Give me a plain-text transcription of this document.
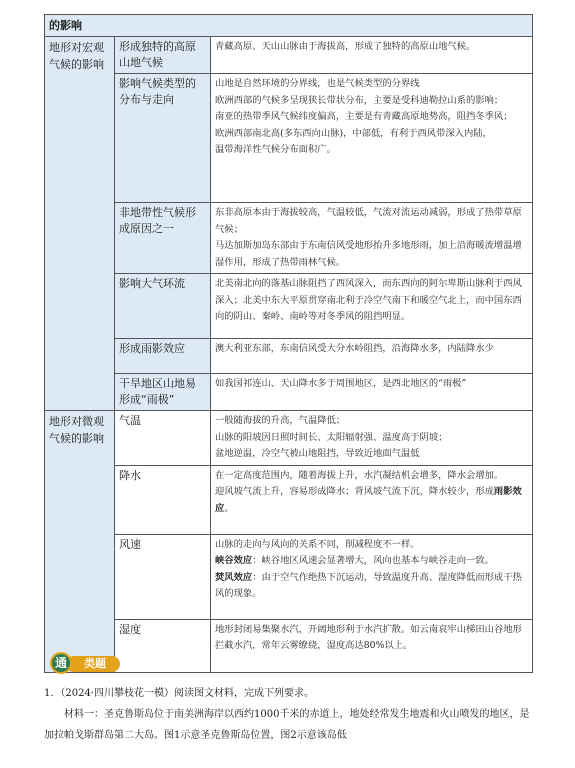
的影响		
地形对宏观气候的影响	形成独特的高原山地气候	青藏高原、天山山脉由于海拔高，形成了独特的高原山地气候。

	影响气候类型的分布与走向	山地是自然环境的分界线，也是气候类型的分界线
欧洲西部的气候多呈现狭长带状分布，主要是受科迪勒拉山系的影响；
南亚的热带季风气候纬度偏高，主要是有青藏高原地势高，阻挡冬季风；
欧洲西部南北高(多东西向山脉)，中部低，有利于西风带深入内陆，
温带海洋性气候分布面积广。

	非地带性气候形成原因之一	东非高原本由于海拔较高，气温较低，气流对流运动减弱，形成了热带草原气候；
马达加斯加岛东部由于东南信风受地形抬升多地形雨，加上沿海暖流增温增湿作用，形成了热带雨林气候。

	影响大气环流	北美南北向的落基山脉阻挡了西风深入，而东西向的阿尔卑斯山脉利于西风深入；北美中东大平原贯穿南北利于冷空气南下和暖空气北上，而中国东西向的阴山、秦岭、南岭等对冬季风的阻挡明显。

	形成雨影效应	澳大利亚东部，东南信风受大分水岭阻挡，沿海降水多，内陆降水少

	干旱地区山地易形成“雨极”	如我国祁连山、天山降水多于周围地区，是西北地区的“雨极”

地形对微观气候的影响	气温	一般随海拔的升高，气温降低；
山脉的阳坡因日照时间长、太阳辐射强、温度高于阴坡；
盆地逆温，冷空气被山地阻挡，导致近地面气温低

	降水	在一定高度范围内，随着海拔上升，水汽凝结机会增多，降水会增加。
迎风坡气流上升，容易形成降水；背风坡气流下沉，降水较少，形成雨影效应。

	风速	山脉的走向与风向的关系不同，削减程度不一样。
峡谷效应：峡谷地区风速会显著增大，风向也基本与峡谷走向一致。
焚风效应：由于空气作绝热下沉运动，导致温度升高、湿度降低而形成干热风的现象。

	湿度	地形封闭易集聚水汽，开阔地形利于水汽扩散。如云南哀牢山梯田山谷地形拦截水汽，常年云雾缭绕，湿度高达80%以上。
类题
通
1．（2024·四川攀枝花一模）阅读图文材料，完成下列要求。
材料一：圣克鲁斯岛位于南美洲海岸以西约1000千米的赤道上，地处经常发生地震和火山喷发的地区，是加拉帕戈斯群岛第二大岛。图1示意圣克鲁斯岛位置，图2示意该岛低
